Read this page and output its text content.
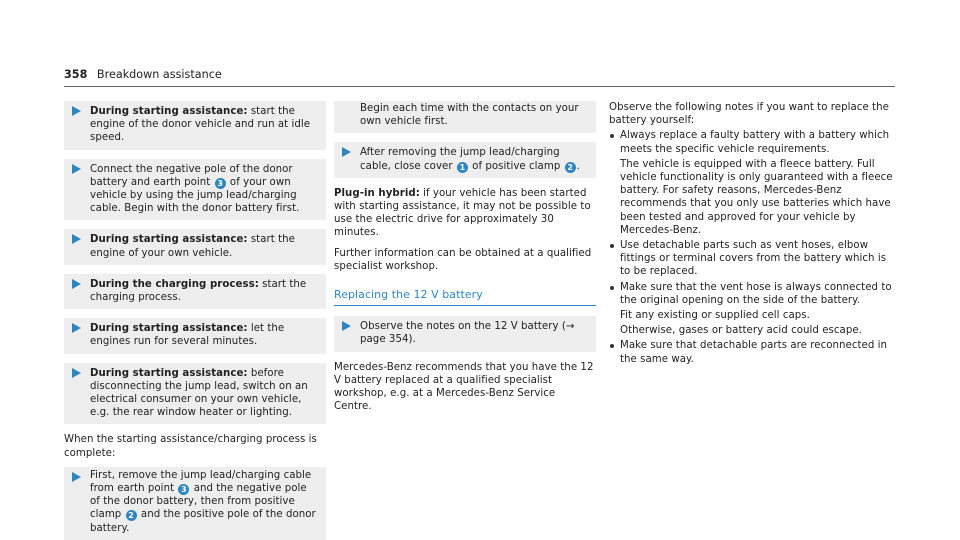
358 Breakdown assistance
During starting assistance: start the engine of the donor vehicle and run at idle speed.
Connect the negative pole of the donor battery and earth point 3 of your own vehicle by using the jump lead/charging cable. Begin with the donor battery first.
During starting assistance: start the engine of your own vehicle.
During the charging process: start the charging process.
During starting assistance: let the engines run for several minutes.
During starting assistance: before disconnecting the jump lead, switch on an electrical consumer on your own vehicle, e.g. the rear window heater or lighting.

When the starting assistance/charging process is complete:

First, remove the jump lead/charging cable from earth point 3 and the negative pole of the donor battery, then from positive clamp 2 and the positive pole of the donor battery.
Begin each time with the contacts on your own vehicle first.
After removing the jump lead/charging cable, close cover 1 of positive clamp 2 .

Plug-in hybrid: if your vehicle has been started with starting assistance, it may not be possible to use the electric drive for approximately 30 minutes.

Further information can be obtained at a qualified specialist workshop.

Replacing the 12 V battery
Observe the notes on the 12 V battery (→ page 354).

Mercedes-Benz recommends that you have the 12 V battery replaced at a qualified specialist workshop, e.g. at a Mercedes-Benz Service Centre.

Observe the following notes if you want to replace the battery yourself:

Always replace a faulty battery with a battery which meets the specific vehicle requirements.
The vehicle is equipped with a fleece battery. Full vehicle functionality is only guaranteed with a fleece battery. For safety reasons, Mercedes-Benz recommends that you only use batteries which have been tested and approved for your vehicle by Mercedes-Benz.
Use detachable parts such as vent hoses, elbow fittings or terminal covers from the battery which is to be replaced.
Make sure that the vent hose is always connected to the original opening on the side of the battery.
Fit any existing or supplied cell caps.
Otherwise, gases or battery acid could escape.
Make sure that detachable parts are reconnected in the same way.
